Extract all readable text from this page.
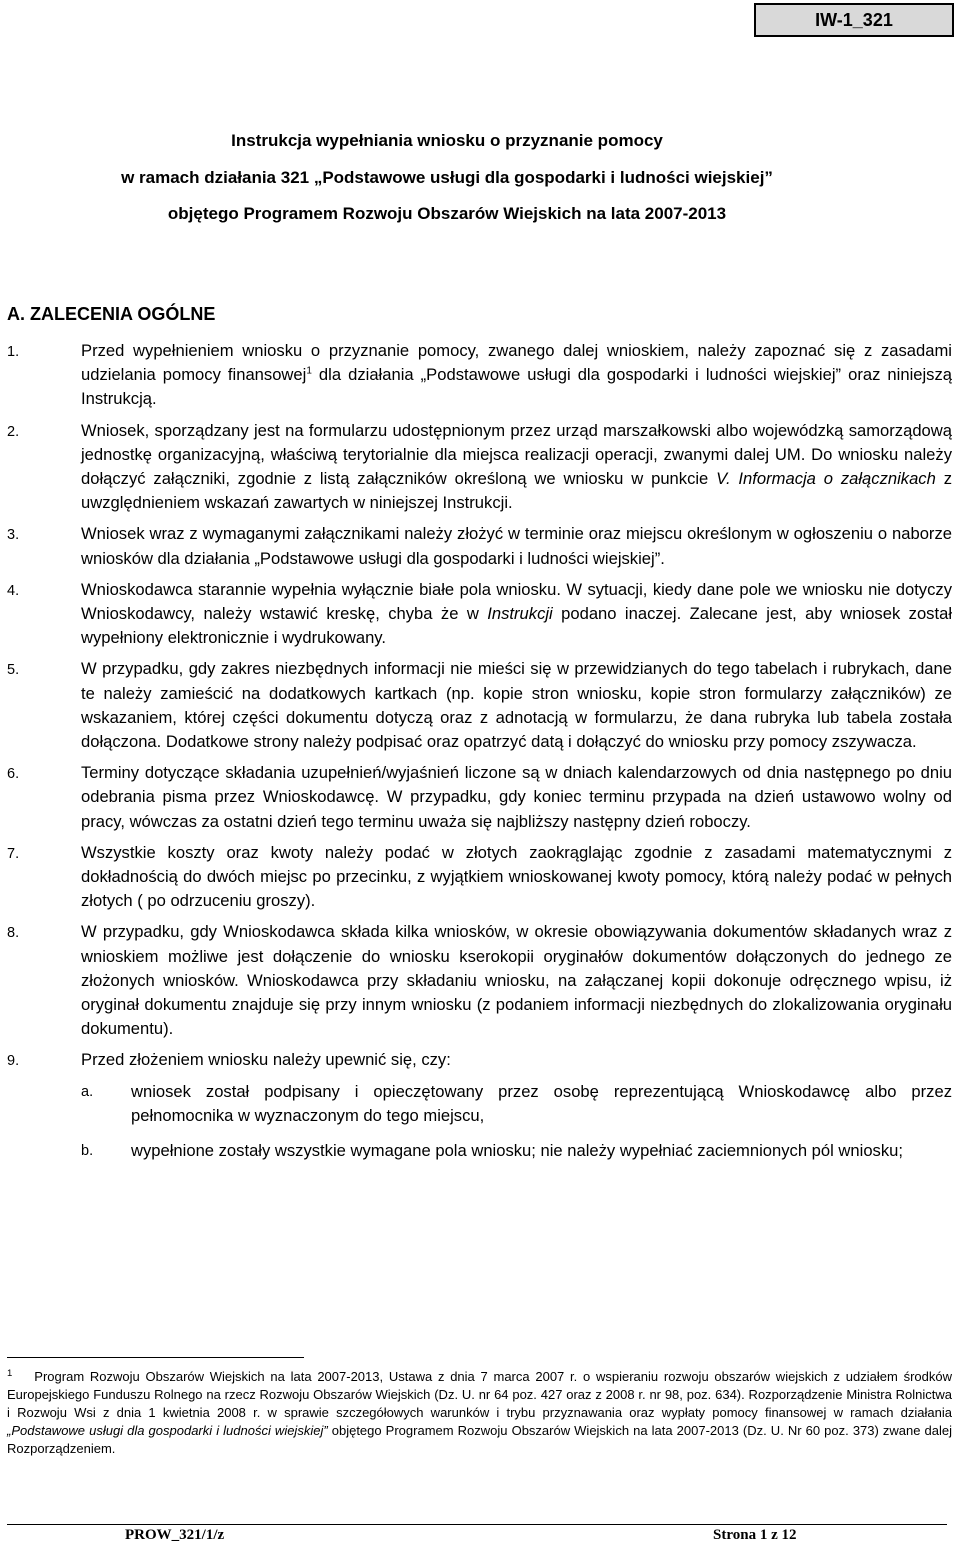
IW-1_321
Instrukcja wypełniania wniosku o przyznanie pomocy
w ramach działania 321 „Podstawowe usługi dla gospodarki i ludności wiejskiej”
objętego Programem Rozwoju Obszarów Wiejskich na lata 2007-2013
A. ZALECENIA OGÓLNE
1.	Przed wypełnieniem wniosku o przyznanie pomocy, zwanego dalej wnioskiem, należy zapoznać się z zasadami udzielania pomocy finansowej$^1$ dla działania „Podstawowe usługi dla gospodarki i ludności wiejskiej” oraz niniejszą Instrukcją.
2.	Wniosek, sporządzany jest na formularzu udostępnionym przez urząd marszałkowski albo wojewódzką samorządową jednostkę organizacyjną, właściwą terytorialnie dla miejsca realizacji operacji, zwanymi dalej UM. Do wniosku należy dołączyć załączniki, zgodnie z listą załączników określoną we wniosku w punkcie V. Informacja o załącznikach z uwzględnieniem wskazań zawartych w niniejszej Instrukcji.
3.	Wniosek wraz z wymaganymi załącznikami należy złożyć w terminie oraz miejscu określonym w ogłoszeniu o naborze wniosków dla działania „Podstawowe usługi dla gospodarki i ludności wiejskiej”.
4.	Wnioskodawca starannie wypełnia wyłącznie białe pola wniosku. W sytuacji, kiedy dane pole we wniosku nie dotyczy Wnioskodawcy, należy wstawić kreskę, chyba że w Instrukcji podano inaczej. Zalecane jest, aby wniosek został wypełniony elektronicznie i wydrukowany.
5.	W przypadku, gdy zakres niezbędnych informacji nie mieści się w przewidzianych do tego tabelach i rubrykach, dane te należy zamieścić na dodatkowych kartkach (np. kopie stron wniosku, kopie stron formularzy załączników) ze wskazaniem, której części dokumentu dotyczą oraz z adnotacją w formularzu, że dana rubryka lub tabela została dołączona. Dodatkowe strony należy podpisać oraz opatrzyć datą i dołączyć do wniosku przy pomocy zszywacza.
6.	Terminy dotyczące składania uzupełnień/wyjaśnień liczone są w dniach kalendarzowych od dnia następnego po dniu odebrania pisma przez Wnioskodawcę. W przypadku, gdy koniec terminu przypada na dzień ustawowo wolny od pracy, wówczas za ostatni dzień tego terminu uważa się najbliższy następny dzień roboczy.
7.	Wszystkie koszty oraz kwoty należy podać w złotych zaokrąglając zgodnie z zasadami matematycznymi z dokładnością do dwóch miejsc po przecinku, z wyjątkiem wnioskowanej kwoty pomocy, którą należy podać w pełnych złotych ( po odrzuceniu groszy).
8.	W przypadku, gdy Wnioskodawca składa kilka wniosków, w okresie obowiązywania dokumentów składanych wraz z wnioskiem możliwe jest dołączenie do wniosku kserokopii oryginałów dokumentów dołączonych do jednego ze złożonych wniosków. Wnioskodawca przy składaniu wniosku, na załączanej kopii dokonuje odręcznego wpisu, iż oryginał dokumentu znajduje się przy innym wniosku (z podaniem informacji niezbędnych do zlokalizowania oryginału dokumentu).
9.	Przed złożeniem wniosku należy upewnić się, czy:
a.	wniosek został podpisany i opieczętowany przez osobę reprezentującą Wnioskodawcę albo przez pełnomocnika w wyznaczonym do tego miejscu,
b.	wypełnione zostały wszystkie wymagane pola wniosku; nie należy wypełniać zaciemnionych pól wniosku;
$^1$ Program Rozwoju Obszarów Wiejskich na lata 2007-2013, Ustawa z dnia 7 marca 2007 r. o wspieraniu rozwoju obszarów wiejskich z udziałem środków Europejskiego Funduszu Rolnego na rzecz Rozwoju Obszarów Wiejskich (Dz. U. nr 64 poz. 427 oraz z 2008 r. nr 98, poz. 634). Rozporządzenie Ministra Rolnictwa i Rozwoju Wsi z dnia 1 kwietnia 2008 r. w sprawie szczegółowych warunków i trybu przyznawania oraz wypłaty pomocy finansowej w ramach działania „Podstawowe usługi dla gospodarki i ludności wiejskiej” objętego Programem Rozwoju Obszarów Wiejskich na lata 2007-2013 (Dz. U. Nr 60 poz. 373) zwane dalej Rozporządzeniem.
PROW_321/1/z	Strona 1 z 12
